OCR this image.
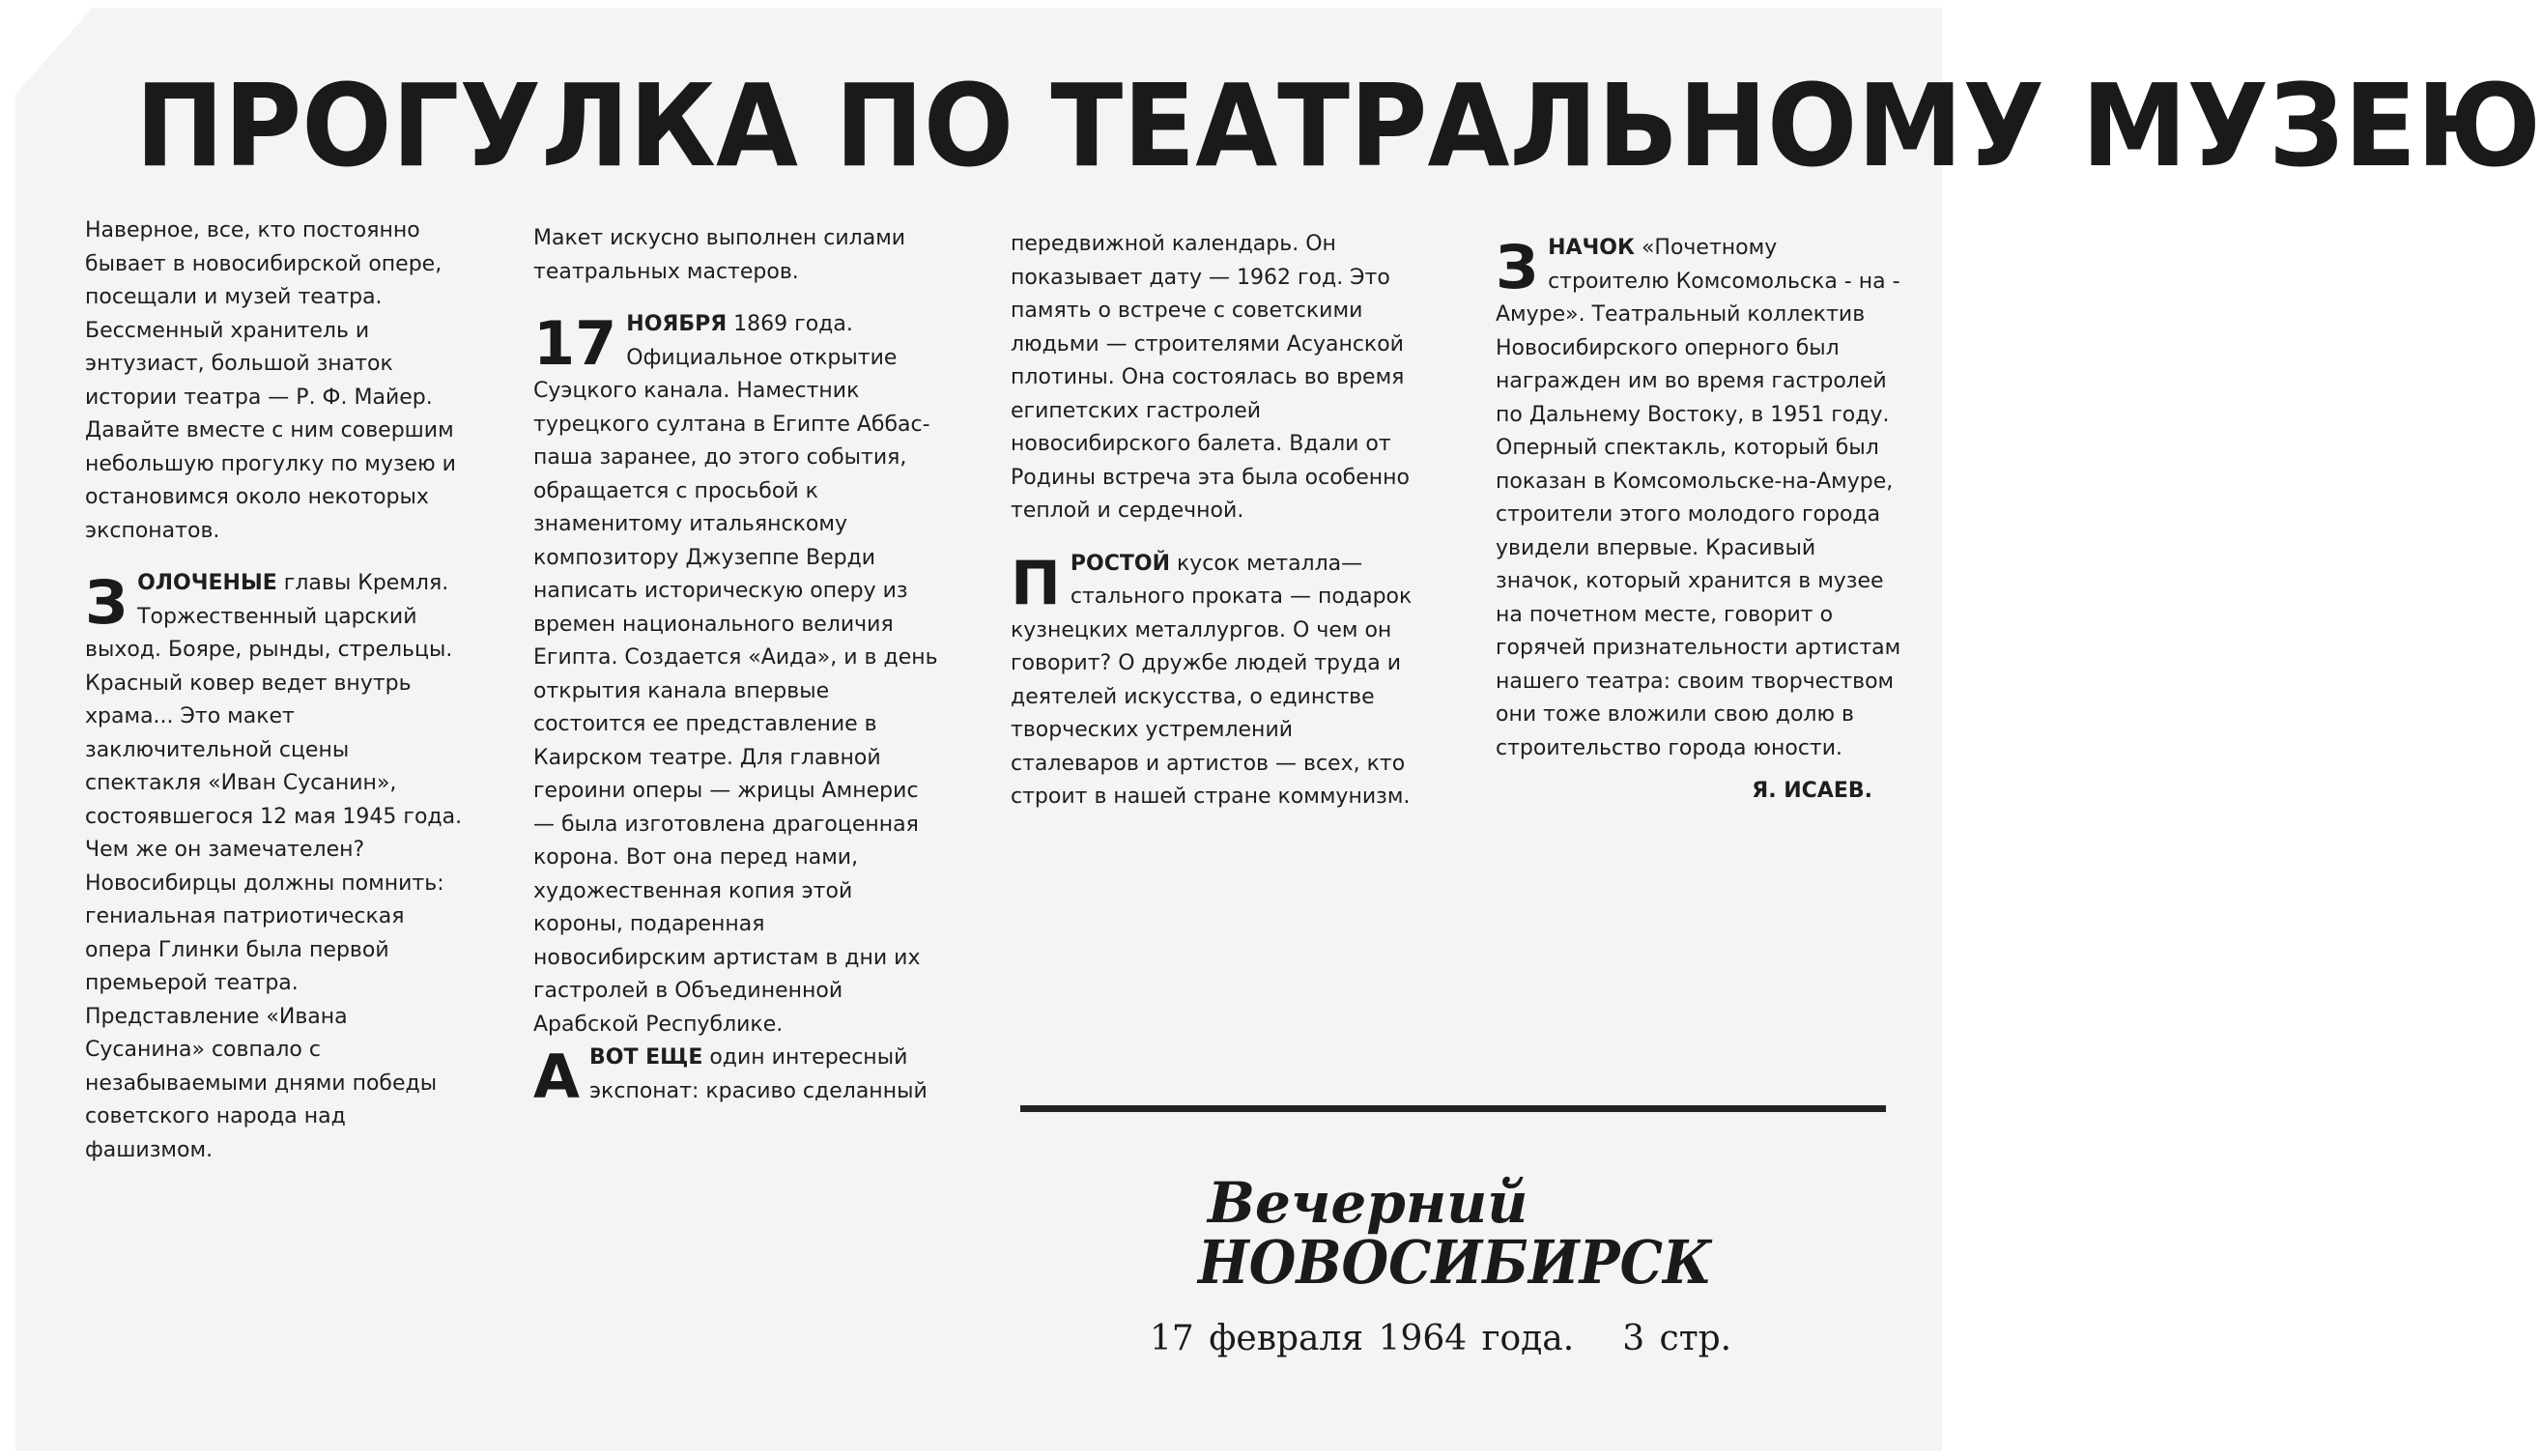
ПРОГУЛКА ПО ТЕАТРАЛЬНОМУ МУЗЕЮ

Наверное, все, кто постоянно бывает в новосибирской опере, посещали и музей театра. Бессменный хранитель и энтузиаст, большой знаток истории театра — Р. Ф. Майер. Давайте вместе с ним совершим небольшую прогулку по музею и остановимся около некоторых экспонатов.

ЗОЛОЧЕНЫЕ главы Кремля. Торжественный царский выход. Бояре, рынды, стрельцы. Красный ковер ведет внутрь храма... Это макет заключительной сцены спектакля «Иван Сусанин», состоявшегося 12 мая 1945 года. Чем же он замечателен? Новосибирцы должны помнить: гениальная патриотическая опера Глинки была первой премьерой театра. Представление «Ивана Сусанина» совпало с незабываемыми днями победы советского народа над фашизмом.

Макет искусно выполнен силами театральных мастеров.

17 НОЯБРЯ 1869 года. Официальное открытие Суэцкого канала. Наместник турецкого султана в Египте Аббас-паша заранее, до этого события, обращается с просьбой к знаменитому итальянскому композитору Джузеппе Верди написать историческую оперу из времен национального величия Египта. Создается «Аида», и в день открытия канала впервые состоится ее представление в Каирском театре. Для главной героини оперы — жрицы Амнерис — была изготовлена драгоценная корона. Вот она перед нами, художественная копия этой короны, подаренная новосибирским артистам в дни их гастролей в Объединенной Арабской Республике.

АВОТ ЕЩЕ один интересный экспонат: красиво сделанный

передвижной календарь. Он показывает дату — 1962 год. Это память о встрече с советскими людьми — строителями Асуанской плотины. Она состоялась во время египетских гастролей новосибирского балета. Вдали от Родины встреча эта была особенно теплой и сердечной.

ПРОСТОЙ кусок металла—стального проката — подарок кузнецких металлургов. О чем он говорит? О дружбе людей труда и деятелей искусства, о единстве творческих устремлений сталеваров и артистов — всех, кто строит в нашей стране коммунизм.

ЗНАЧОК «Почетному строителю Комсомольска - на - Амуре». Театральный коллектив Новосибирского оперного был награжден им во время гастролей по Дальнему Востоку, в 1951 году. Оперный спектакль, который был показан в Комсомольске-на-Амуре, строители этого молодого города увидели впервые. Красивый значок, который хранится в музее на почетном месте, говорит о горячей признательности артистам нашего театра: своим творчеством они тоже вложили свою долю в строительство города юности.

Я. ИСАЕВ.
Вечерний
НОВОСИБИРСК
17 февраля 1964 года. 3 стр.
